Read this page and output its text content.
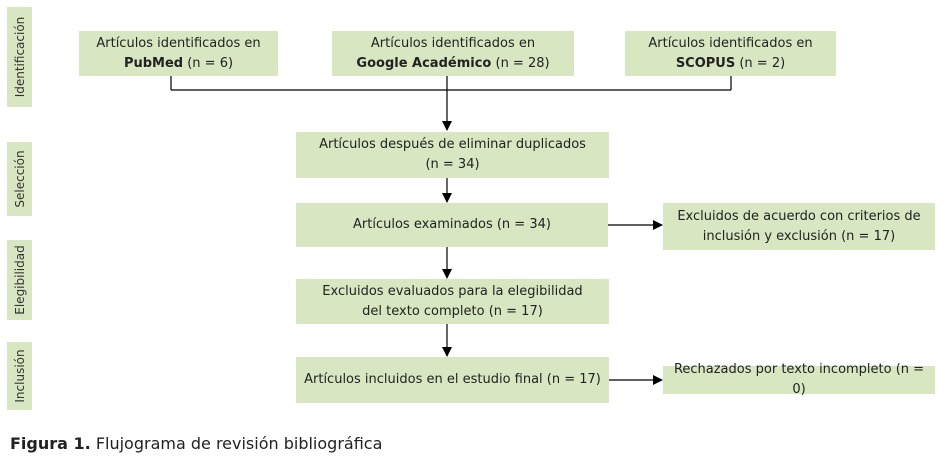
Identificación
Selección
Elegibilidad
Inclusión
Artículos identificados en
PubMed (n = 6)
Artículos identificados en
Google Académico (n = 28)
Artículos identificados en
SCOPUS (n = 2)
Artículos después de eliminar duplicados
(n = 34)
Artículos examinados (n = 34)
Excluidos de acuerdo con criterios de
inclusión y exclusión (n = 17)
Excluidos evaluados para la elegibilidad
del texto completo (n = 17)
Artículos incluidos en el estudio final (n = 17)
Rechazados por texto incompleto (n = 0)
Figura 1. Flujograma de revisión bibliográfica
